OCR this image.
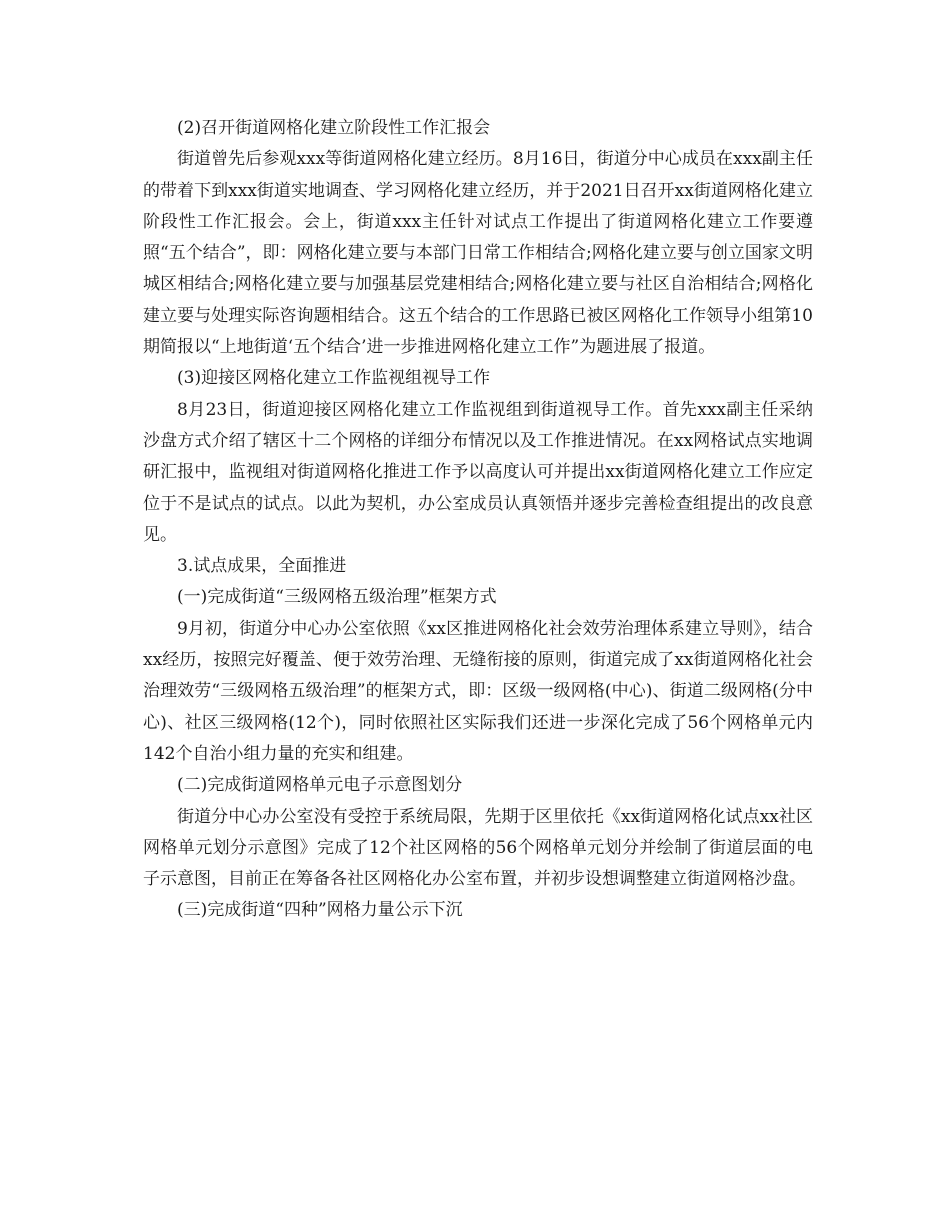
(2)召开街道网格化建立阶段性工作汇报会

街道曾先后参观xxx等街道网格化建立经历。8月16日，街道分中心成员在xxx副主任的带着下到xxx街道实地调查、学习网格化建立经历，并于2021日召开xx街道网格化建立阶段性工作汇报会。会上，街道xxx主任针对试点工作提出了街道网格化建立工作要遵照“五个结合”，即：网格化建立要与本部门日常工作相结合;网格化建立要与创立国家文明城区相结合;网格化建立要与加强基层党建相结合;网格化建立要与社区自治相结合;网格化建立要与处理实际咨询题相结合。这五个结合的工作思路已被区网格化工作领导小组第10期简报以“上地街道‘五个结合’进一步推进网格化建立工作”为题进展了报道。

(3)迎接区网格化建立工作监视组视导工作

8月23日，街道迎接区网格化建立工作监视组到街道视导工作。首先xxx副主任采纳沙盘方式介绍了辖区十二个网格的详细分布情况以及工作推进情况。在xx网格试点实地调研汇报中，监视组对街道网格化推进工作予以高度认可并提出xx街道网格化建立工作应定位于不是试点的试点。以此为契机，办公室成员认真领悟并逐步完善检查组提出的改良意见。

3.试点成果，全面推进

(一)完成街道“三级网格五级治理”框架方式

9月初，街道分中心办公室依照《xx区推进网格化社会效劳治理体系建立导则》，结合xx经历，按照完好覆盖、便于效劳治理、无缝衔接的原则，街道完成了xx街道网格化社会治理效劳“三级网格五级治理”的框架方式，即：区级一级网格(中心)、街道二级网格(分中心)、社区三级网格(12个)，同时依照社区实际我们还进一步深化完成了56个网格单元内142个自治小组力量的充实和组建。

(二)完成街道网格单元电子示意图划分

街道分中心办公室没有受控于系统局限，先期于区里依托《xx街道网格化试点xx社区网格单元划分示意图》完成了12个社区网格的56个网格单元划分并绘制了街道层面的电子示意图，目前正在筹备各社区网格化办公室布置，并初步设想调整建立街道网格沙盘。

(三)完成街道“四种”网格力量公示下沉
